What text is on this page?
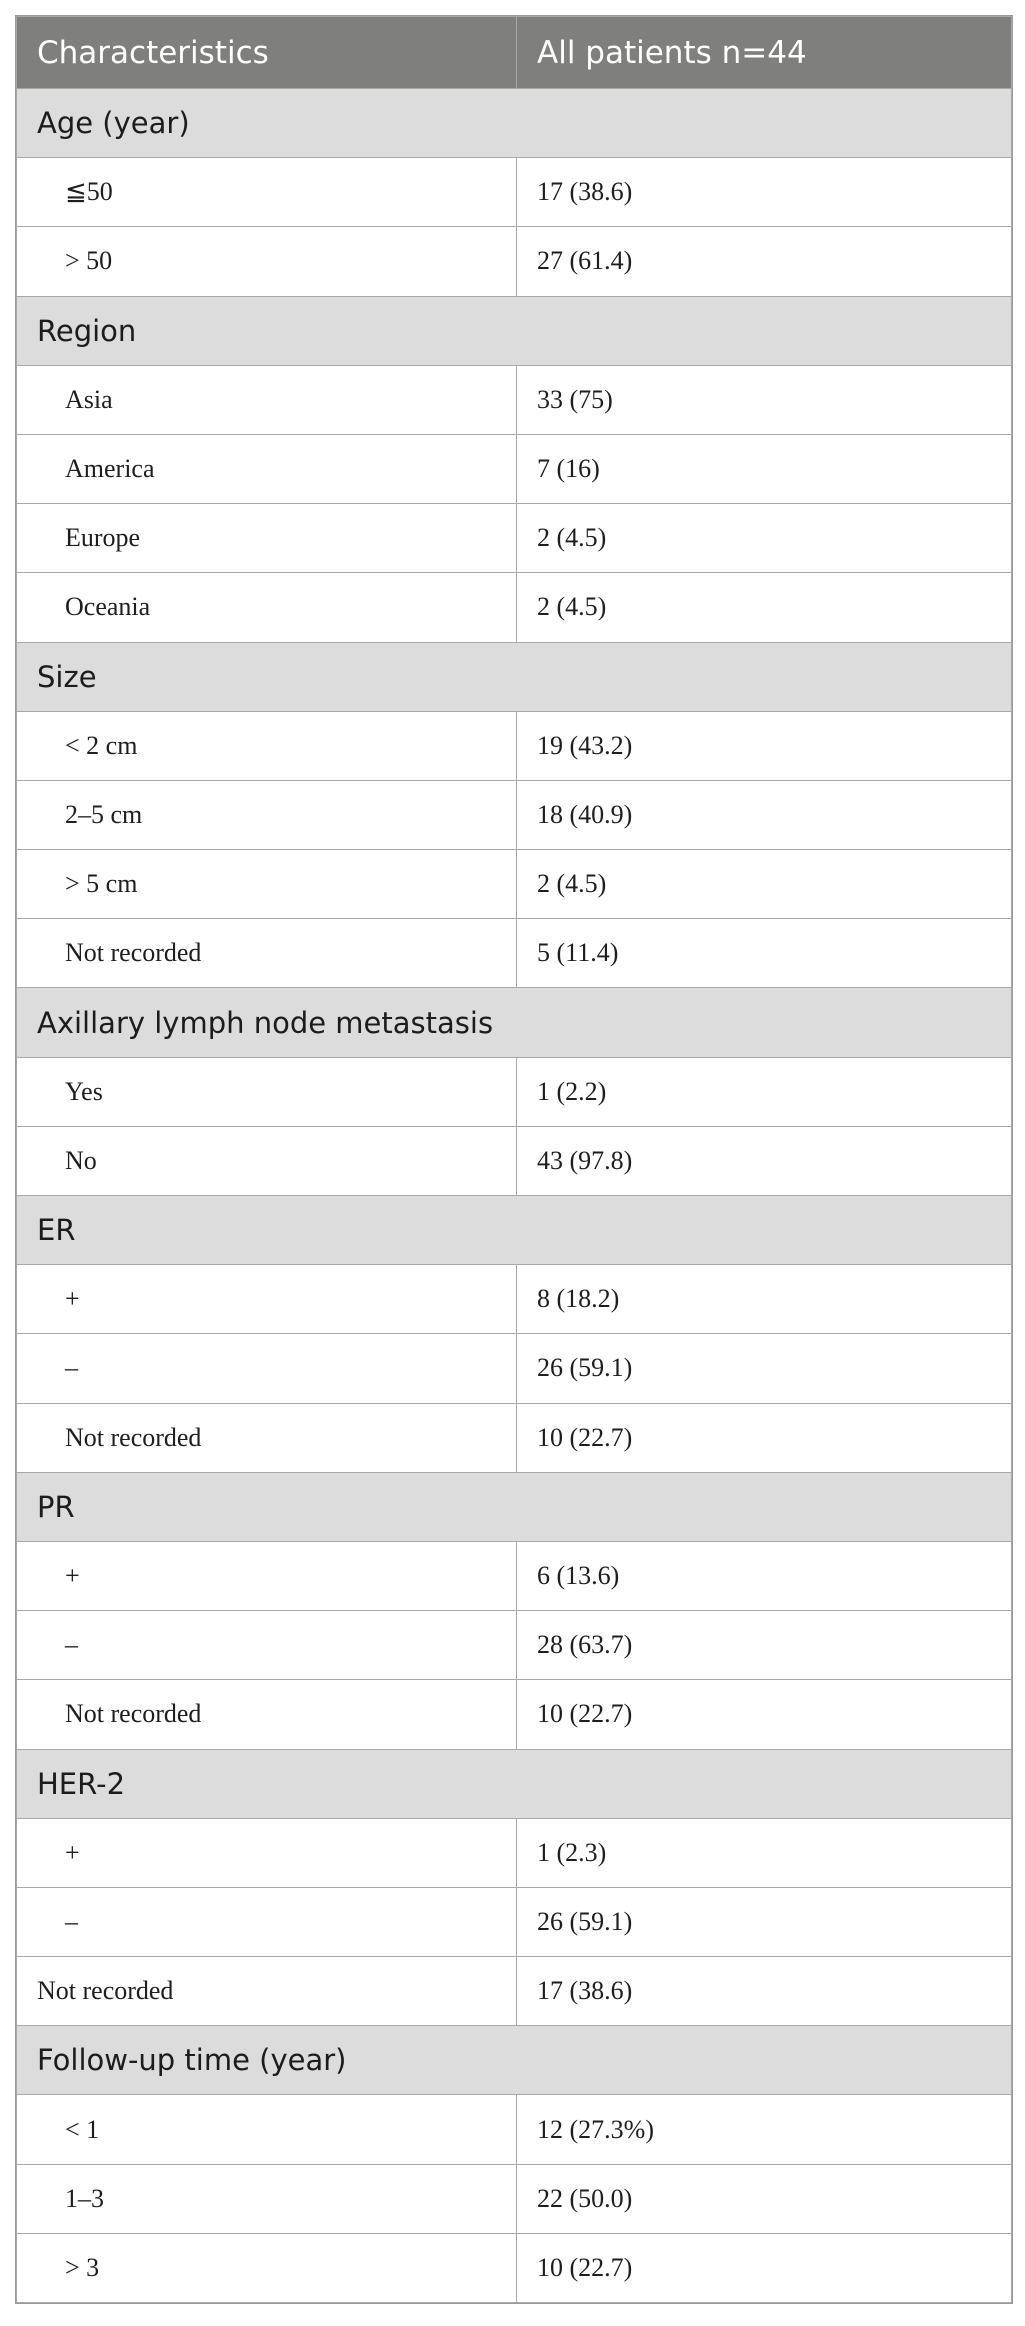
Characteristics	All patients n=44
Age (year)	
≦50	17 (38.6)
> 50	27 (61.4)
Region	
Asia	33 (75)
America	7 (16)
Europe	2 (4.5)
Oceania	2 (4.5)
Size	
< 2 cm	19 (43.2)
2–5 cm	18 (40.9)
> 5 cm	2 (4.5)
Not recorded	5 (11.4)
Axillary lymph node metastasis	
Yes	1 (2.2)
No	43 (97.8)
ER	
+	8 (18.2)
–	26 (59.1)
Not recorded	10 (22.7)
PR	
+	6 (13.6)
–	28 (63.7)
Not recorded	10 (22.7)
HER-2	
+	1 (2.3)
–	26 (59.1)
Not recorded	17 (38.6)
Follow-up time (year)	
< 1	12 (27.3%)
1–3	22 (50.0)
> 3	10 (22.7)
